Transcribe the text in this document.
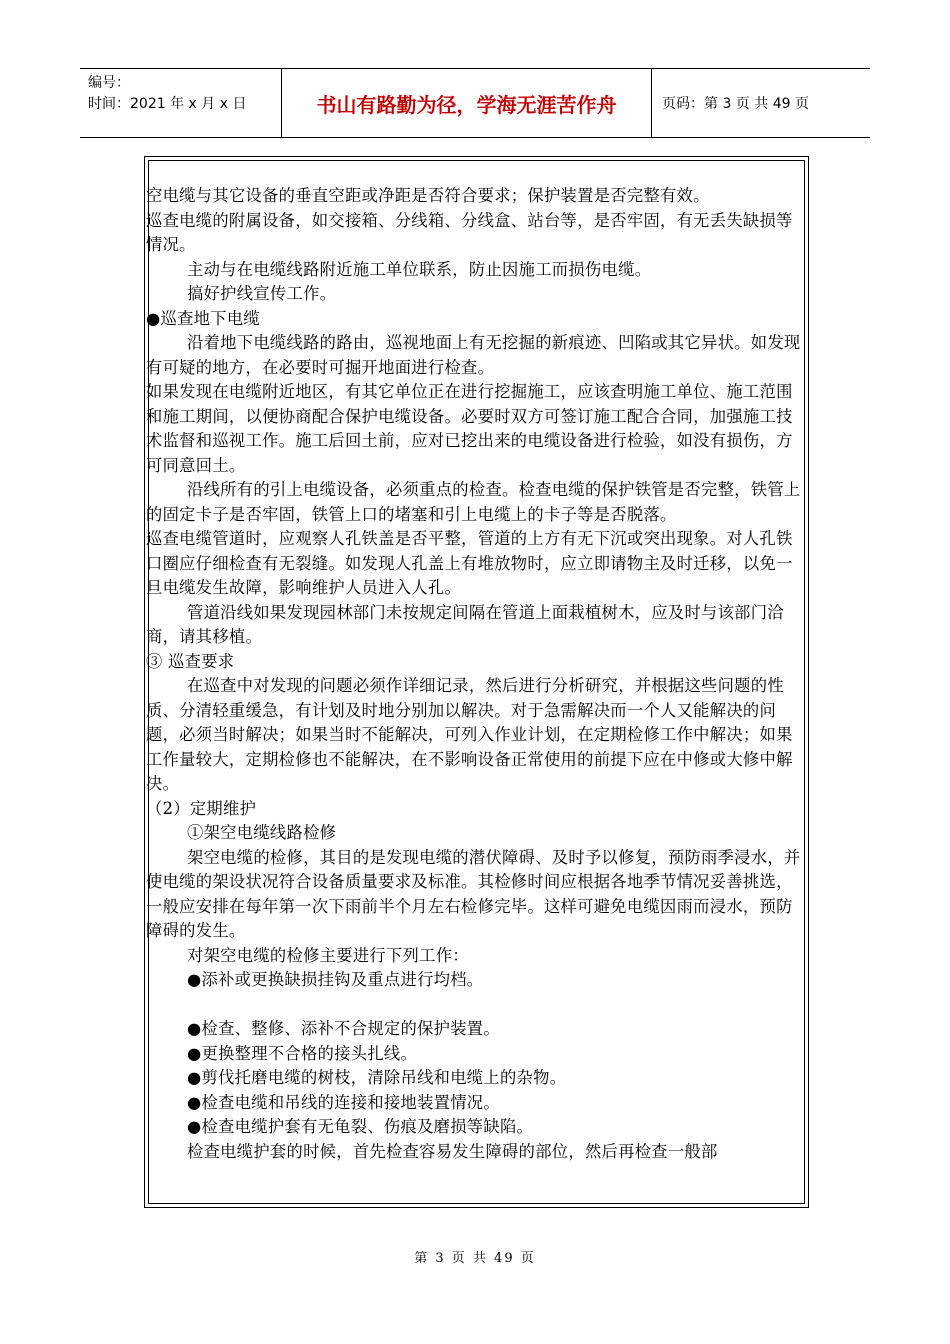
编号：
时间：2021 年 x 月 x 日	书山有路勤为径，学海无涯苦作舟	页码：第 3 页 共 49 页

空电缆与其它设备的垂直空距或净距是否符合要求；保护装置是否完整有效。

巡查电缆的附属设备，如交接箱、分线箱、分线盒、站台等，是否牢固，有无丢失缺损等情况。

主动与在电缆线路附近施工单位联系，防止因施工而损伤电缆。

搞好护线宣传工作。

●巡查地下电缆

沿着地下电缆线路的路由，巡视地面上有无挖掘的新痕迹、凹陷或其它异状。如发现有可疑的地方，在必要时可掘开地面进行检查。

如果发现在电缆附近地区，有其它单位正在进行挖掘施工，应该查明施工单位、施工范围和施工期间，以便协商配合保护电缆设备。必要时双方可签订施工配合合同，加强施工技术监督和巡视工作。施工后回土前，应对已挖出来的电缆设备进行检验，如没有损伤，方可同意回土。

沿线所有的引上电缆设备，必须重点的检查。检查电缆的保护铁管是否完整，铁管上的固定卡子是否牢固，铁管上口的堵塞和引上电缆上的卡子等是否脱落。

巡查电缆管道时，应观察人孔铁盖是否平整，管道的上方有无下沉或突出现象。对人孔铁口圈应仔细检查有无裂缝。如发现人孔盖上有堆放物时，应立即请物主及时迁移，以免一旦电缆发生故障，影响维护人员进入人孔。

管道沿线如果发现园林部门未按规定间隔在管道上面栽植树木，应及时与该部门洽商，请其移植。

③ 巡查要求

在巡查中对发现的问题必须作详细记录，然后进行分析研究，并根据这些问题的性质、分清轻重缓急，有计划及时地分别加以解决。对于急需解决而一个人又能解决的问题，必须当时解决；如果当时不能解决，可列入作业计划，在定期检修工作中解决；如果工作量较大，定期检修也不能解决，在不影响设备正常使用的前提下应在中修或大修中解决。

（2）定期维护

①架空电缆线路检修

架空电缆的检修，其目的是发现电缆的潜伏障碍、及时予以修复，预防雨季浸水，并使电缆的架设状况符合设备质量要求及标准。其检修时间应根据各地季节情况妥善挑选，一般应安排在每年第一次下雨前半个月左右检修完毕。这样可避免电缆因雨而浸水，预防障碍的发生。

对架空电缆的检修主要进行下列工作：

●添补或更换缺损挂钩及重点进行均档。

●检查、整修、添补不合规定的保护装置。

●更换整理不合格的接头扎线。

●剪伐托磨电缆的树枝，清除吊线和电缆上的杂物。

●检查电缆和吊线的连接和接地装置情况。

●检查电缆护套有无龟裂、伤痕及磨损等缺陷。

检查电缆护套的时候，首先检查容易发生障碍的部位，然后再检查一般部

第 3 页 共 49 页
